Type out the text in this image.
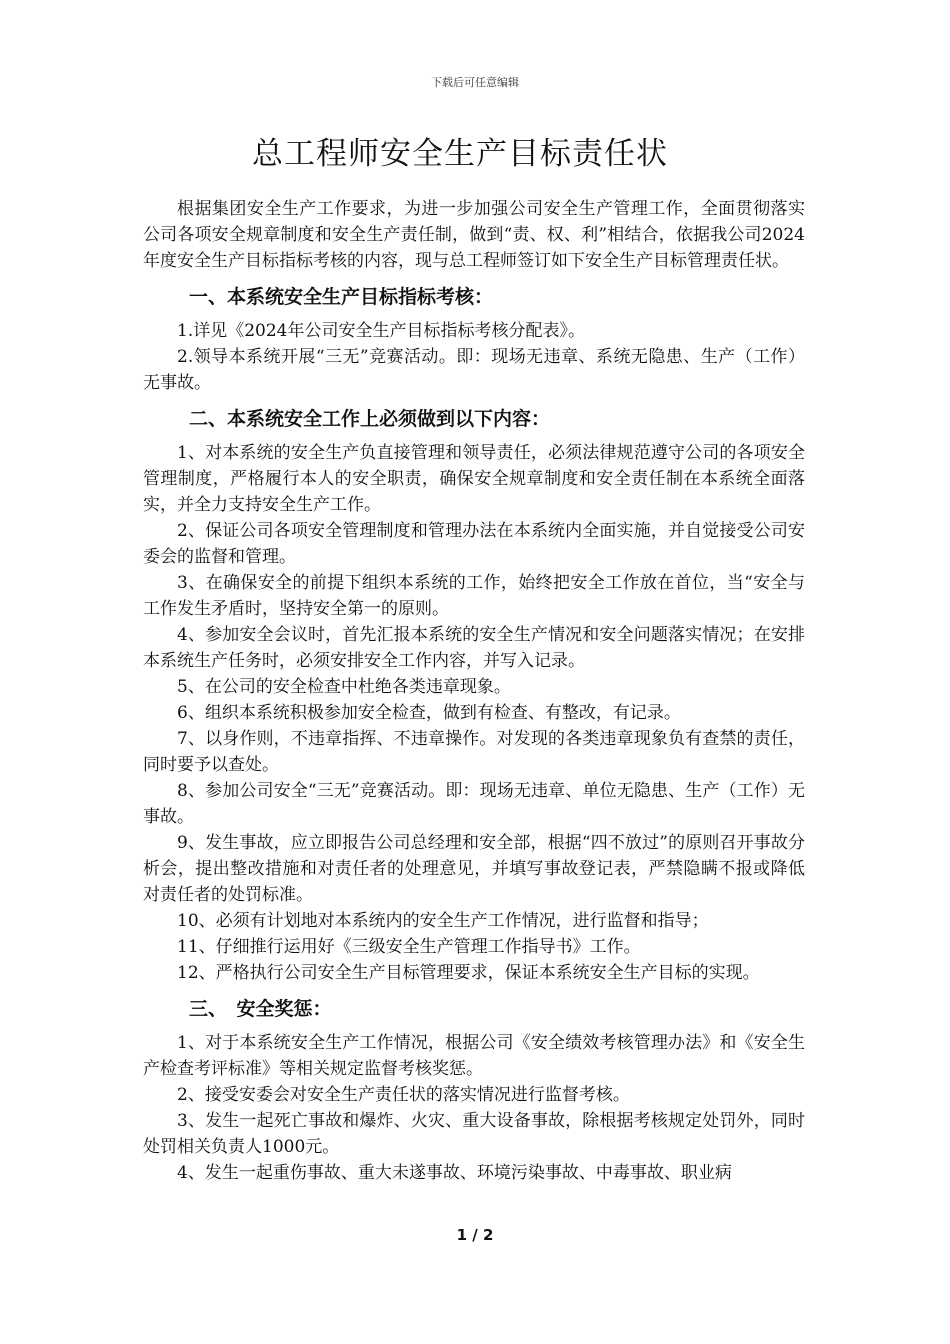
下载后可任意编辑
总工程师安全生产目标责任状

根据集团安全生产工作要求，为进一步加强公司安全生产管理工作，全面贯彻落实公司各项安全规章制度和安全生产责任制，做到“责、权、利”相结合，依据我公司2024年度安全生产目标指标考核的内容，现与总工程师签订如下安全生产目标管理责任状。

一、本系统安全生产目标指标考核：

1.详见《2024年公司安全生产目标指标考核分配表》。

2.领导本系统开展“三无”竞赛活动。即：现场无违章、系统无隐患、生产（工作）无事故。

二、本系统安全工作上必须做到以下内容：

1、对本系统的安全生产负直接管理和领导责任，必须法律规范遵守公司的各项安全管理制度，严格履行本人的安全职责，确保安全规章制度和安全责任制在本系统全面落实，并全力支持安全生产工作。

2、保证公司各项安全管理制度和管理办法在本系统内全面实施，并自觉接受公司安委会的监督和管理。

3、在确保安全的前提下组织本系统的工作，始终把安全工作放在首位，当“安全与工作发生矛盾时，坚持安全第一的原则。

4、参加安全会议时，首先汇报本系统的安全生产情况和安全问题落实情况；在安排本系统生产任务时，必须安排安全工作内容，并写入记录。

5、在公司的安全检查中杜绝各类违章现象。

6、组织本系统积极参加安全检查，做到有检查、有整改，有记录。

7、以身作则，不违章指挥、不违章操作。对发现的各类违章现象负有查禁的责任，同时要予以查处。

8、参加公司安全“三无”竞赛活动。即：现场无违章、单位无隐患、生产（工作）无事故。

9、发生事故，应立即报告公司总经理和安全部，根据“四不放过”的原则召开事故分析会，提出整改措施和对责任者的处理意见，并填写事故登记表，严禁隐瞒不报或降低对责任者的处罚标准。

10、必须有计划地对本系统内的安全生产工作情况，进行监督和指导；

11、仔细推行运用好《三级安全生产管理工作指导书》工作。

12、严格执行公司安全生产目标管理要求，保证本系统安全生产目标的实现。

三、　安全奖惩：

1、对于本系统安全生产工作情况，根据公司《安全绩效考核管理办法》和《安全生产检查考评标准》等相关规定监督考核奖惩。

2、接受安委会对安全生产责任状的落实情况进行监督考核。

3、发生一起死亡事故和爆炸、火灾、重大设备事故，除根据考核规定处罚外，同时处罚相关负责人1000元。

4、发生一起重伤事故、重大未遂事故、环境污染事故、中毒事故、职业病

1 / 2
